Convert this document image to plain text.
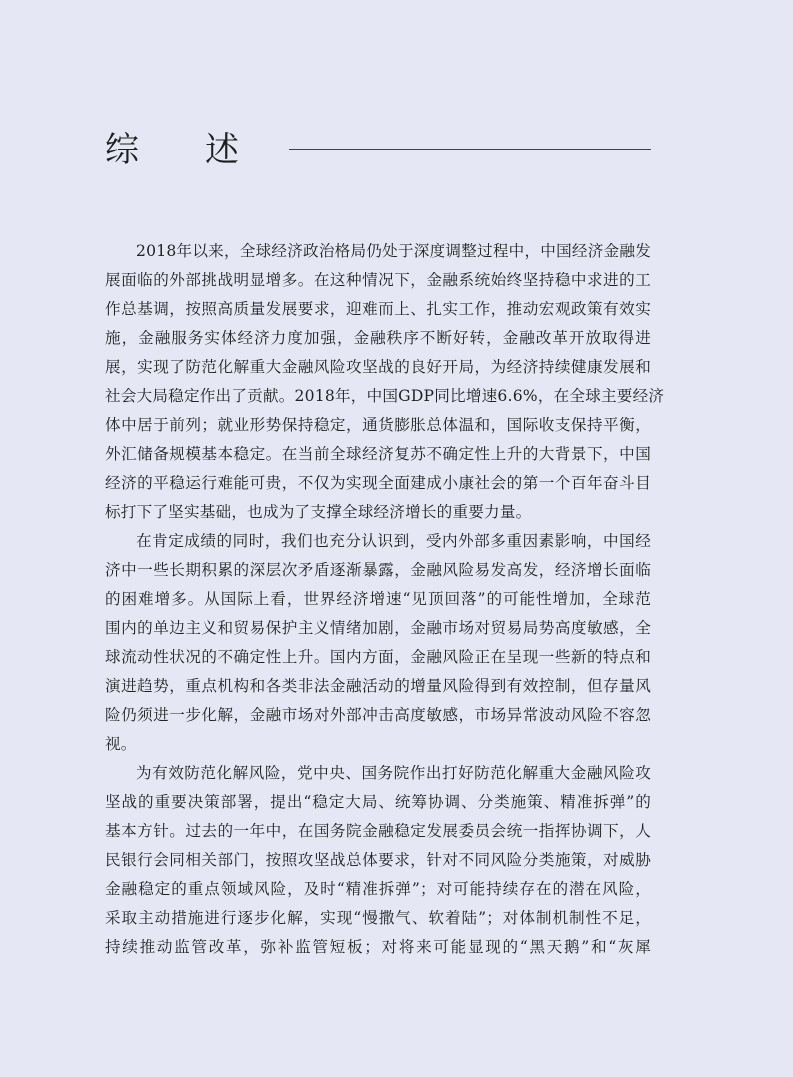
综述

2018年以来，全球经济政治格局仍处于深度调整过程中，中国经济金融发
展面临的外部挑战明显增多。在这种情况下，金融系统始终坚持稳中求进的工
作总基调，按照高质量发展要求，迎难而上、扎实工作，推动宏观政策有效实
施，金融服务实体经济力度加强，金融秩序不断好转，金融改革开放取得进
展，实现了防范化解重大金融风险攻坚战的良好开局，为经济持续健康发展和
社会大局稳定作出了贡献。2018年，中国GDP同比增速6.6%，在全球主要经济
体中居于前列；就业形势保持稳定，通货膨胀总体温和，国际收支保持平衡，
外汇储备规模基本稳定。在当前全球经济复苏不确定性上升的大背景下，中国
经济的平稳运行难能可贵，不仅为实现全面建成小康社会的第一个百年奋斗目
标打下了坚实基础，也成为了支撑全球经济增长的重要力量。

在肯定成绩的同时，我们也充分认识到，受内外部多重因素影响，中国经
济中一些长期积累的深层次矛盾逐渐暴露，金融风险易发高发，经济增长面临
的困难增多。从国际上看，世界经济增速“见顶回落”的可能性增加，全球范
围内的单边主义和贸易保护主义情绪加剧，金融市场对贸易局势高度敏感，全
球流动性状况的不确定性上升。国内方面，金融风险正在呈现一些新的特点和
演进趋势，重点机构和各类非法金融活动的增量风险得到有效控制，但存量风
险仍须进一步化解，金融市场对外部冲击高度敏感，市场异常波动风险不容忽
视。

为有效防范化解风险，党中央、国务院作出打好防范化解重大金融风险攻
坚战的重要决策部署，提出“稳定大局、统筹协调、分类施策、精准拆弹”的
基本方针。过去的一年中，在国务院金融稳定发展委员会统一指挥协调下，人
民银行会同相关部门，按照攻坚战总体要求，针对不同风险分类施策，对威胁
金融稳定的重点领域风险，及时“精准拆弹”；对可能持续存在的潜在风险，
采取主动措施进行逐步化解，实现“慢撒气、软着陆”；对体制机制性不足，
持续推动监管改革，弥补监管短板；对将来可能显现的“黑天鹅”和“灰犀
